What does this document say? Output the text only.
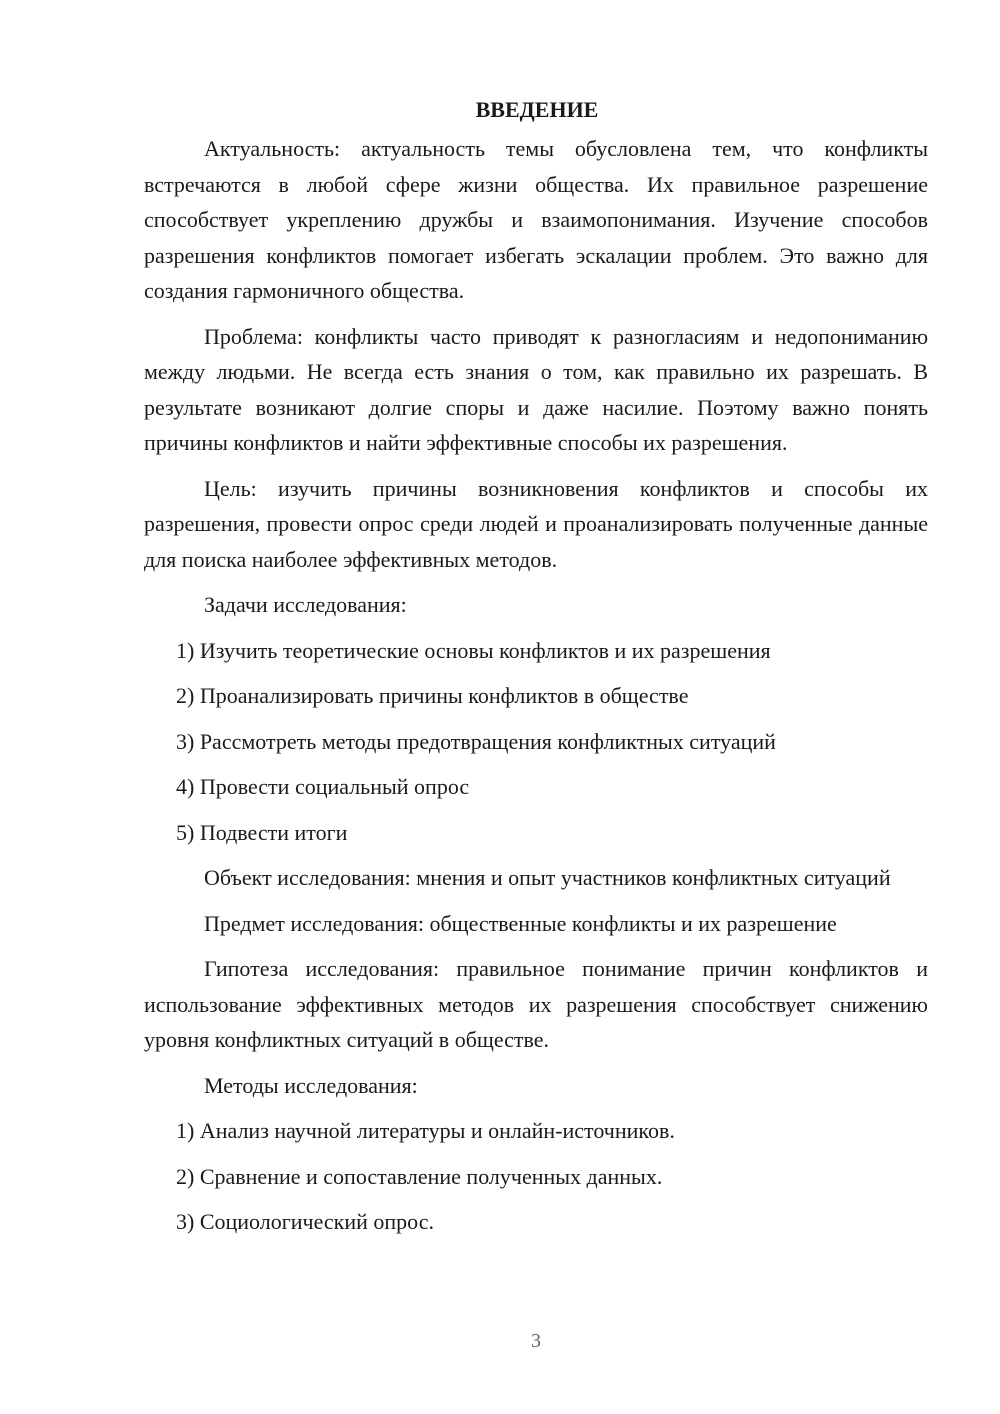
ВВЕДЕНИЕ

Актуальность: актуальность темы обусловлена тем, что конфликты встречаются в любой сфере жизни общества. Их правильное разрешение способствует укреплению дружбы и взаимопонимания. Изучение способов разрешения конфликтов помогает избегать эскалации проблем. Это важно для создания гармоничного общества.

Проблема: конфликты часто приводят к разногласиям и недопониманию между людьми. Не всегда есть знания о том, как правильно их разрешать. В результате возникают долгие споры и даже насилие. Поэтому важно понять причины конфликтов и найти эффективные способы их разрешения.

Цель: изучить причины возникновения конфликтов и способы их разрешения, провести опрос среди людей и проанализировать полученные данные для поиска наиболее эффективных методов.

Задачи исследования:

1) Изучить теоретические основы конфликтов и их разрешения
2) Проанализировать причины конфликтов в обществе
3) Рассмотреть методы предотвращения конфликтных ситуаций
4) Провести социальный опрос
5) Подвести итоги

Объект исследования: мнения и опыт участников конфликтных ситуаций

Предмет исследования: общественные конфликты и их разрешение

Гипотеза исследования: правильное понимание причин конфликтов и использование эффективных методов их разрешения способствует снижению уровня конфликтных ситуаций в обществе.

Методы исследования:

1) Анализ научной литературы и онлайн-источников.
2) Сравнение и сопоставление полученных данных.
3) Социологический опрос.
3
